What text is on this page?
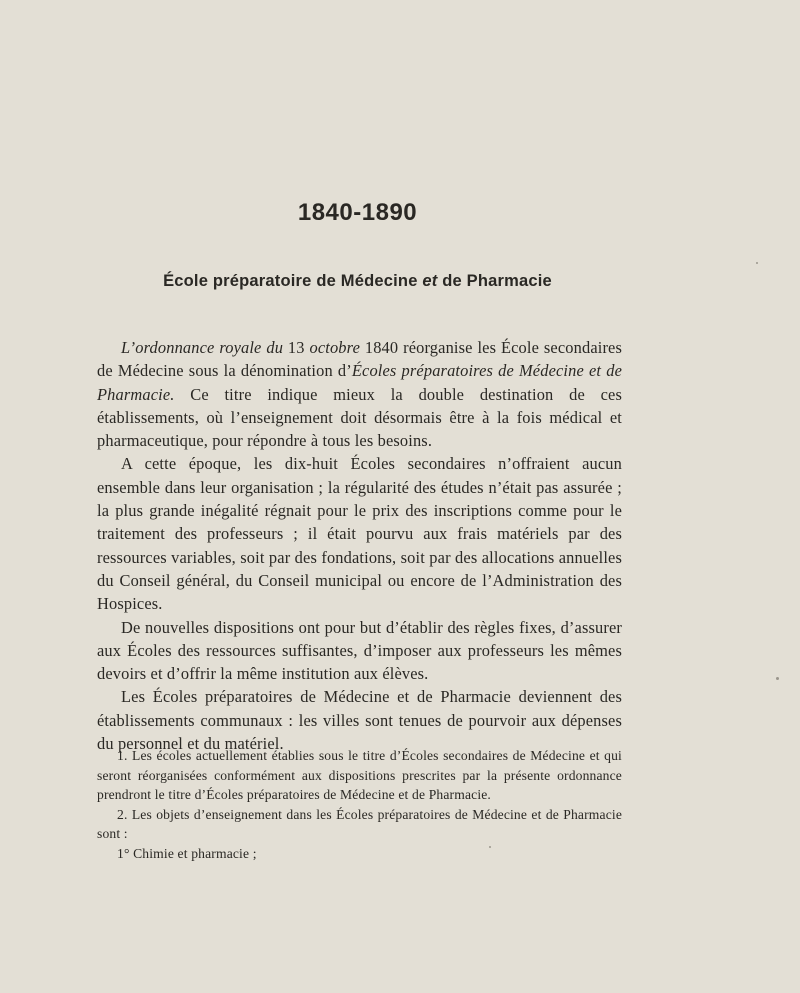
1840-1890
École préparatoire de Médecine et de Pharmacie

L’ordonnance royale du 13 octobre 1840 réorganise les École secondaires de Médecine sous la dénomination d’Écoles préparatoires de Médecine et de Pharmacie. Ce titre indique mieux la double destination de ces établissements, où l’enseignement doit désormais être à la fois médical et pharmaceutique, pour répondre à tous les besoins.

A cette époque, les dix-huit Écoles secondaires n’offraient aucun ensemble dans leur organisation ; la régularité des études n’était pas assurée ; la plus grande inégalité régnait pour le prix des inscriptions comme pour le traitement des professeurs ; il était pourvu aux frais matériels par des ressources variables, soit par des fondations, soit par des allocations annuelles du Conseil général, du Conseil municipal ou encore de l’Administration des Hospices.

De nouvelles dispositions ont pour but d’établir des règles fixes, d’assurer aux Écoles des ressources suffisantes, d’imposer aux professeurs les mêmes devoirs et d’offrir la même institution aux élèves.

Les Écoles préparatoires de Médecine et de Pharmacie deviennent des établissements communaux : les villes sont tenues de pourvoir aux dépenses du personnel et du matériel.

1. Les écoles actuellement établies sous le titre d’Écoles secondaires de Médecine et qui seront réorganisées conformément aux dispositions prescrites par la présente ordonnance prendront le titre d’Écoles préparatoires de Médecine et de Pharmacie.

2. Les objets d’enseignement dans les Écoles préparatoires de Médecine et de Pharmacie sont :

1° Chimie et pharmacie ;
